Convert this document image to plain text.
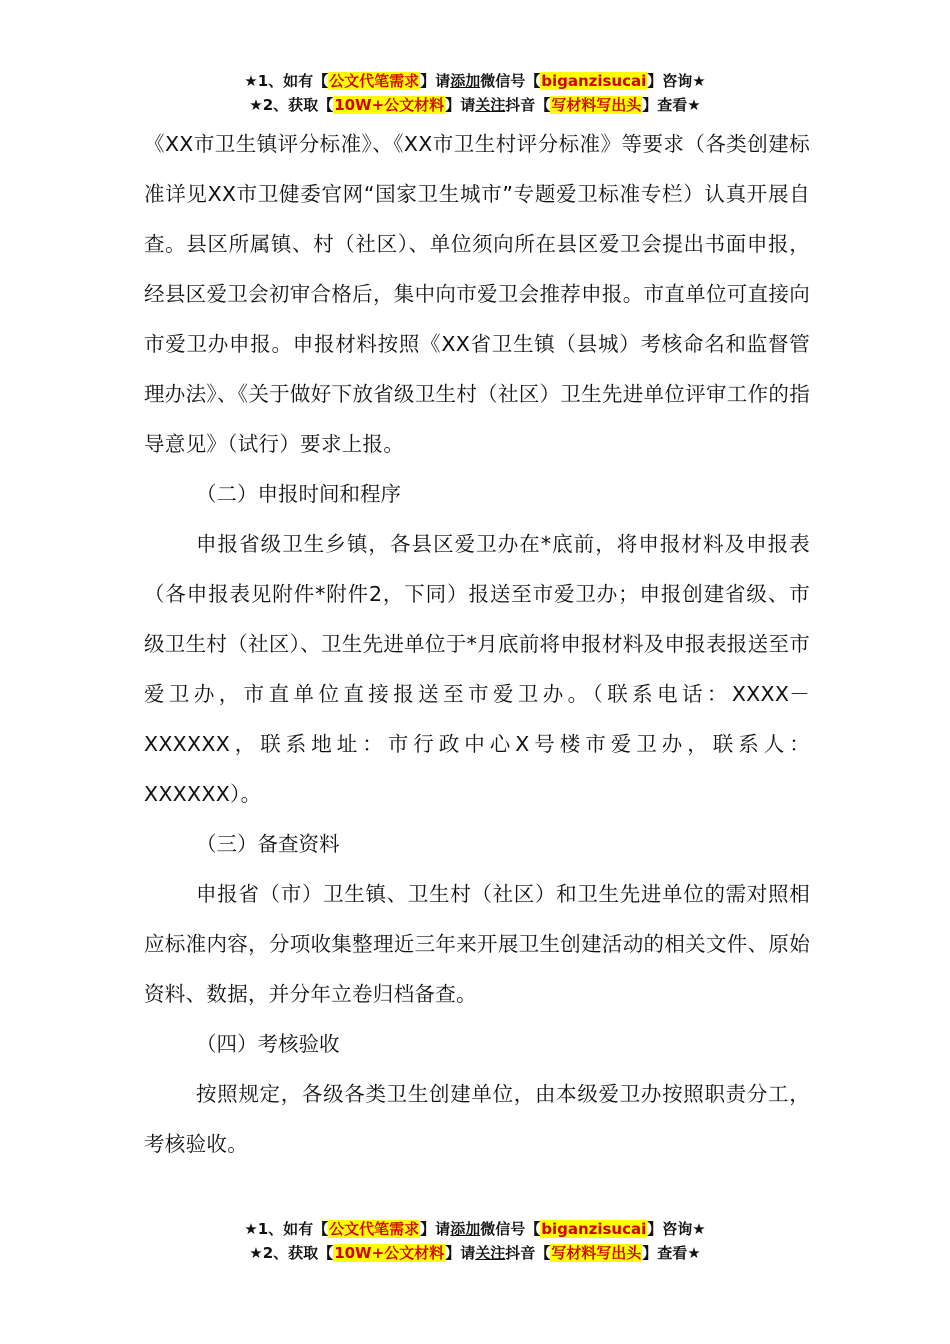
★1、如有【公文代笔需求】请添加微信号【biganzisucai】咨询★
★2、获取【10W+公文材料】请关注抖音【写材料写出头】查看★

《XX市卫生镇评分标准》、《XX市卫生村评分标准》等要求（各类创建标准详见XX市卫健委官网“国家卫生城市”专题爱卫标准专栏）认真开展自查。县区所属镇、村（社区）、单位须向所在县区爱卫会提出书面申报，经县区爱卫会初审合格后，集中向市爱卫会推荐申报。市直单位可直接向市爱卫办申报。申报材料按照《XX省卫生镇（县城）考核命名和监督管理办法》、《关于做好下放省级卫生村（社区）卫生先进单位评审工作的指导意见》（试行）要求上报。

（二）申报时间和程序

申报省级卫生乡镇，各县区爱卫办在*底前，将申报材料及申报表（各申报表见附件*附件2，下同）报送至市爱卫办；申报创建省级、市级卫生村（社区）、卫生先进单位于*月底前将申报材料及申报表报送至市爱卫办，市直单位直接报送至市爱卫办。（联系电话：XXXX－XXXXXX，联系地址：市行政中心X号楼市爱卫办，联系人：XXXXXX）。

（三）备查资料

申报省（市）卫生镇、卫生村（社区）和卫生先进单位的需对照相应标准内容，分项收集整理近三年来开展卫生创建活动的相关文件、原始资料、数据，并分年立卷归档备查。

（四）考核验收

按照规定，各级各类卫生创建单位，由本级爱卫办按照职责分工，考核验收。

★1、如有【公文代笔需求】请添加微信号【biganzisucai】咨询★
★2、获取【10W+公文材料】请关注抖音【写材料写出头】查看★
